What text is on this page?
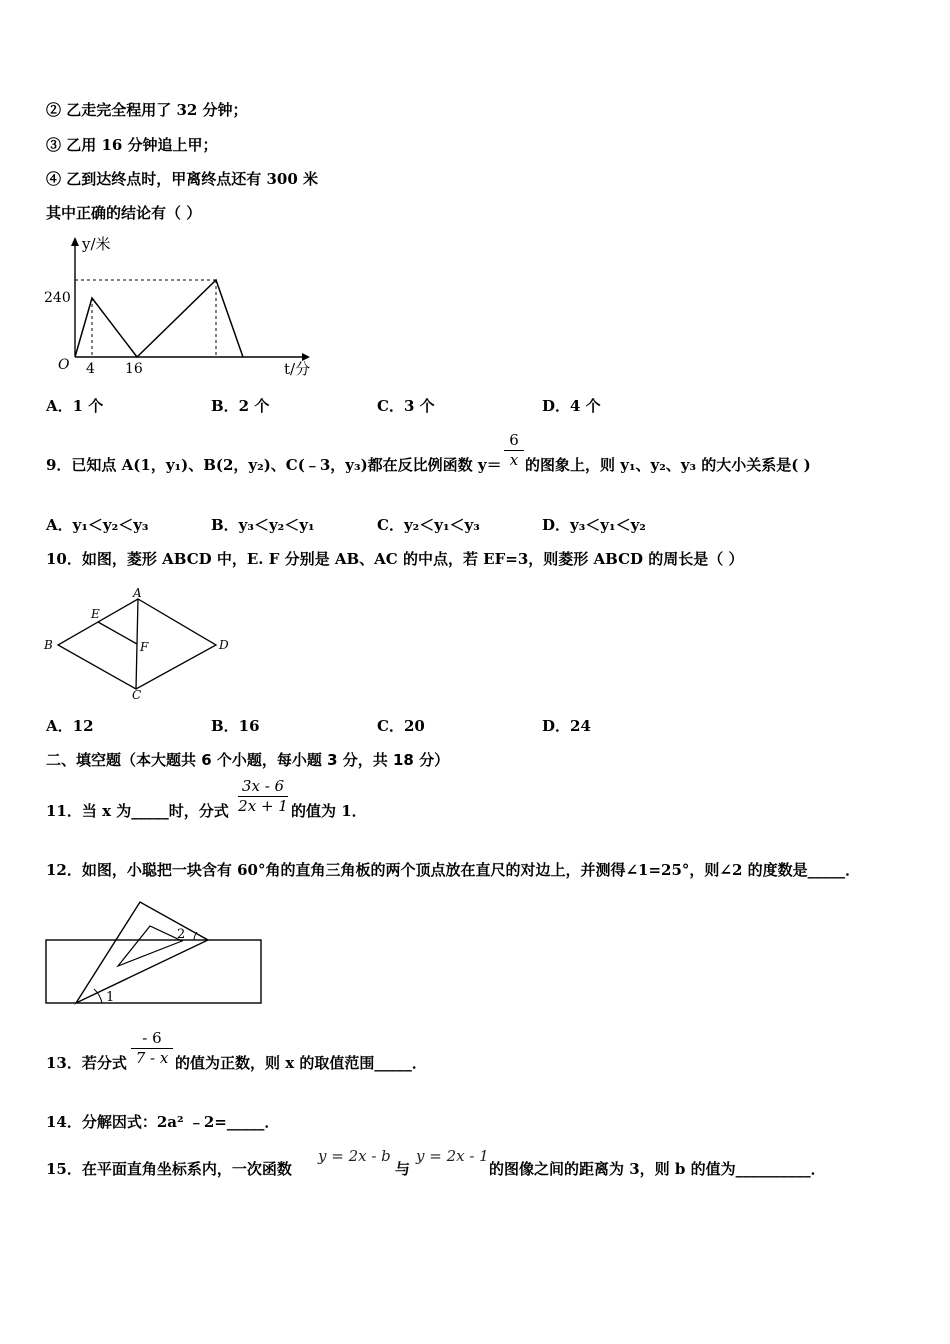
② 乙走完全程用了 32 分钟；
③ 乙用 16 分钟追上甲；
④ 乙到达终点时，甲离终点还有 300 米
其中正确的结论有（ ）
y/米
t/分
240
O 4 16
A．1 个	B．2 个	C．3 个	D．4 个
9．已知点 A(1，y₁)、B(2，y₂)、C(﹣3，y₃)都在反比例函数 y＝
6
x 的图象上，则 y₁、y₂、y₃ 的大小关系是( )
A．y₁＜y₂＜y₃	B．y₃＜y₂＜y₁	C．y₂＜y₁＜y₃	D．y₃＜y₁＜y₂
10．如图，菱形 ABCD 中，E. F 分别是 AB、AC 的中点，若 EF=3，则菱形 ABCD 的周长是（ ）
A
B
C
D
E
F
A．12	B．16	C．20	D．24
二、填空题（本大题共 6 个小题，每小题 3 分，共 18 分）
11．当 x 为_____时，分式
3x - 6
2x + 1 的值为 1．
12．如图，小聪把一块含有 60°角的直角三角板的两个顶点放在直尺的对边上，并测得∠1=25°，则∠2 的度数是_____．
1
2
13．若分式
- 6
7 - x 的值为正数，则 x 的取值范围_____．
14．分解因式：2a² ﹣2=_____．
15．在平面直角坐标系内，一次函数
y = 2x - b
与
y = 2x - 1
的图像之间的距离为 3，则 b 的值为__________．
